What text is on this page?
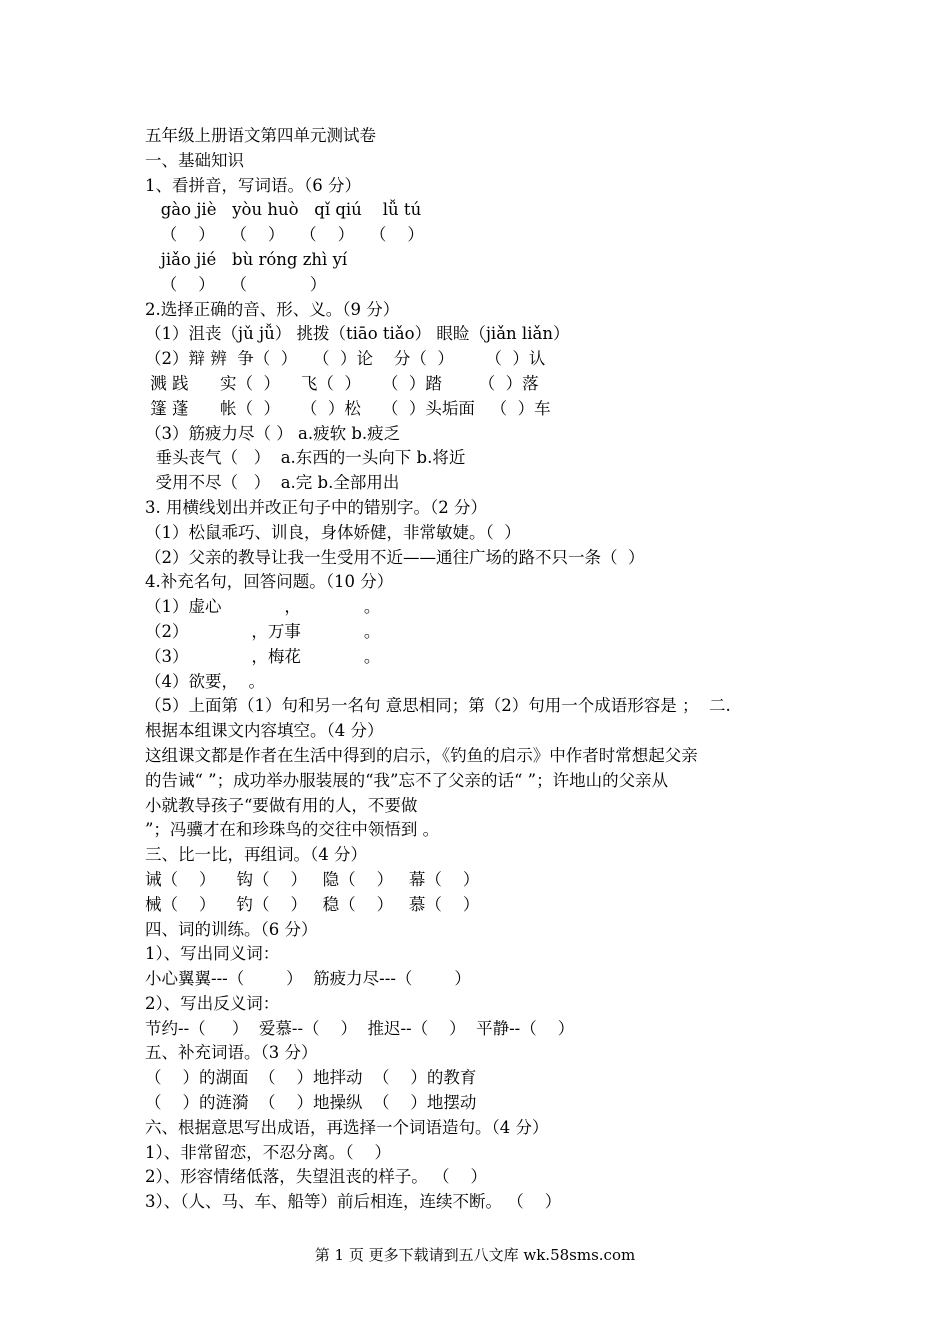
五年级上册语文第四单元测试卷
一、基础知识
1、看拼音，写词语。（6 分）
gào jiè   yòu huò   qǐ qiú    lǚ tú
（    ）   （    ）   （    ）   （    ）
jiǎo jié   bù róng zhì yí
（    ）   （            ）
2.选择正确的音、形、义。（9 分）
（1）沮丧（jǔ jǚ） 挑拨（tiāo tiǎo） 眼睑（jiǎn liǎn）
（2）辩 辨  争（  ）   （  ）论    分（  ）      （  ）认
溅 践      实（  ）    飞（  ）    （  ）踏       （  ）落
篷 蓬      帐（  ）    （  ）松    （  ）头垢面   （  ）车
（3）筋疲力尽（ ） a.疲软 b.疲乏
垂头丧气（   ）  a.东西的一头向下 b.将近
受用不尽（   ）  a.完 b.全部用出
3. 用横线划出并改正句子中的错别字。（2 分）
（1）松鼠乖巧、训良，身体娇健，非常敏婕。（  ）
（2）父亲的教导让我一生受用不近——通往广场的路不只一条（  ）
4.补充名句，回答问题。（10 分）
（1）虚心            ，            。
（2）            ，万事            。
（3）            ，梅花            。
（4）欲要，  。
（5）上面第（1）句和另一名句 意思相同；第（2）句用一个成语形容是 ；  二.
根据本组课文内容填空。（4 分）
这组课文都是作者在生活中得到的启示，《钓鱼的启示》中作者时常想起父亲
的告诫“ ”；成功举办服装展的“我”忘不了父亲的话“ ”；许地山的父亲从
小就教导孩子“要做有用的人，不要做
”；冯骥才在和珍珠鸟的交往中领悟到 。
三、比一比，再组词。（4 分）
诫（    ）    钩（    ）   隐（    ）   幕（    ）
械（    ）    钓（    ）   稳（    ）   慕（    ）
四、词的训练。（6 分）
1）、写出同义词：
小心翼翼---（        ）  筋疲力尽---（        ）
2）、写出反义词：
节约--（     ）  爱慕--（    ）  推迟--（    ）  平静--（    ）
五、补充词语。（3 分）
（    ）的湖面  （    ）地拌动  （    ）的教育
（    ）的涟漪  （    ）地操纵  （    ）地摆动
六、根据意思写出成语，再选择一个词语造句。（4 分）
1）、非常留恋，不忍分离。（    ）
2）、形容情绪低落，失望沮丧的样子。 （    ）
3）、（人、马、车、船等）前后相连，连续不断。 （    ）
第 1 页 更多下载请到五八文库 wk.58sms.com
